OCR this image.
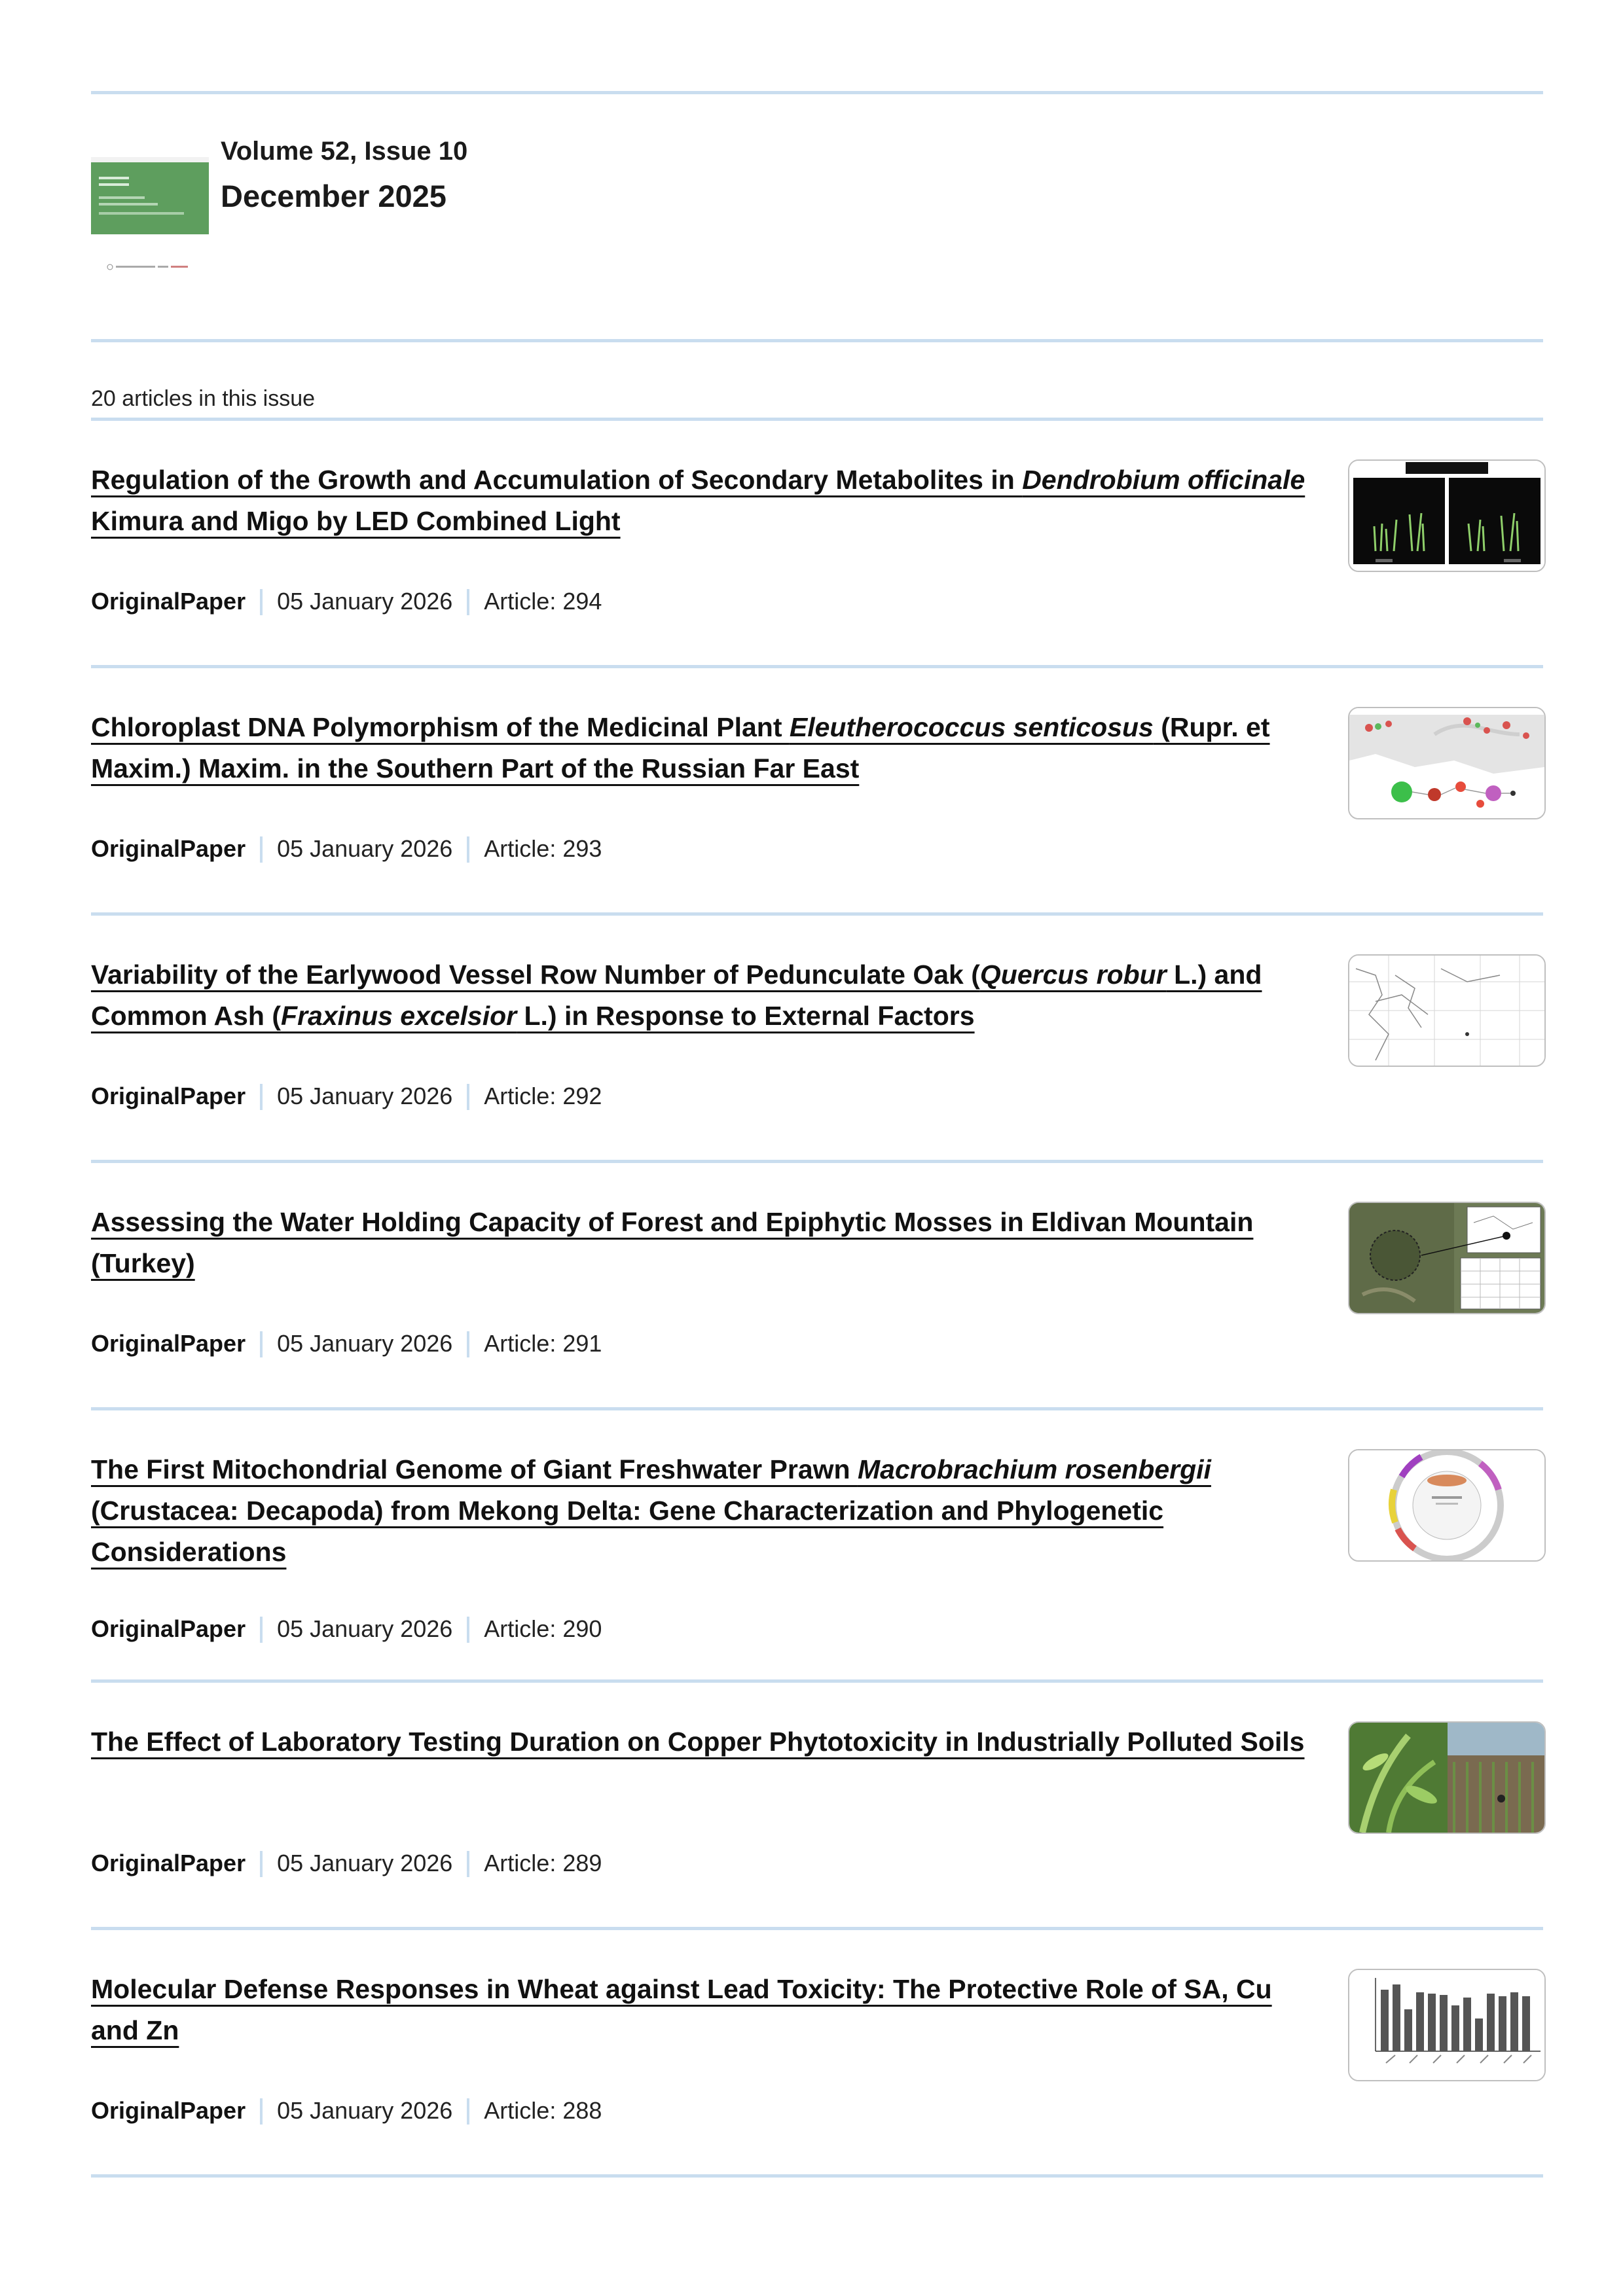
Volume 52, Issue 10
December 2025
20 articles in this issue
Regulation of the Growth and Accumulation of Secondary Metabolites in Dendrobium officinale Kimura and Migo by LED Combined Light
OriginalPaper 05 January 2026 Article: 294
Chloroplast DNA Polymorphism of the Medicinal Plant Eleutherococcus senticosus (Rupr. et Maxim.) Maxim. in the Southern Part of the Russian Far East
OriginalPaper 05 January 2026 Article: 293
Variability of the Earlywood Vessel Row Number of Pedunculate Oak (Quercus robur L.) and Common Ash (Fraxinus excelsior L.) in Response to External Factors
OriginalPaper 05 January 2026 Article: 292
Assessing the Water Holding Capacity of Forest and Epiphytic Mosses in Eldivan Mountain (Turkey)
OriginalPaper 05 January 2026 Article: 291
The First Mitochondrial Genome of Giant Freshwater Prawn Macrobrachium rosenbergii (Crustacea: Decapoda) from Mekong Delta: Gene Characterization and Phylogenetic Considerations
OriginalPaper 05 January 2026 Article: 290
The Effect of Laboratory Testing Duration on Copper Phytotoxicity in Industrially Polluted Soils
OriginalPaper 05 January 2026 Article: 289
Molecular Defense Responses in Wheat against Lead Toxicity: The Protective Role of SA, Cu and Zn
OriginalPaper 05 January 2026 Article: 288
